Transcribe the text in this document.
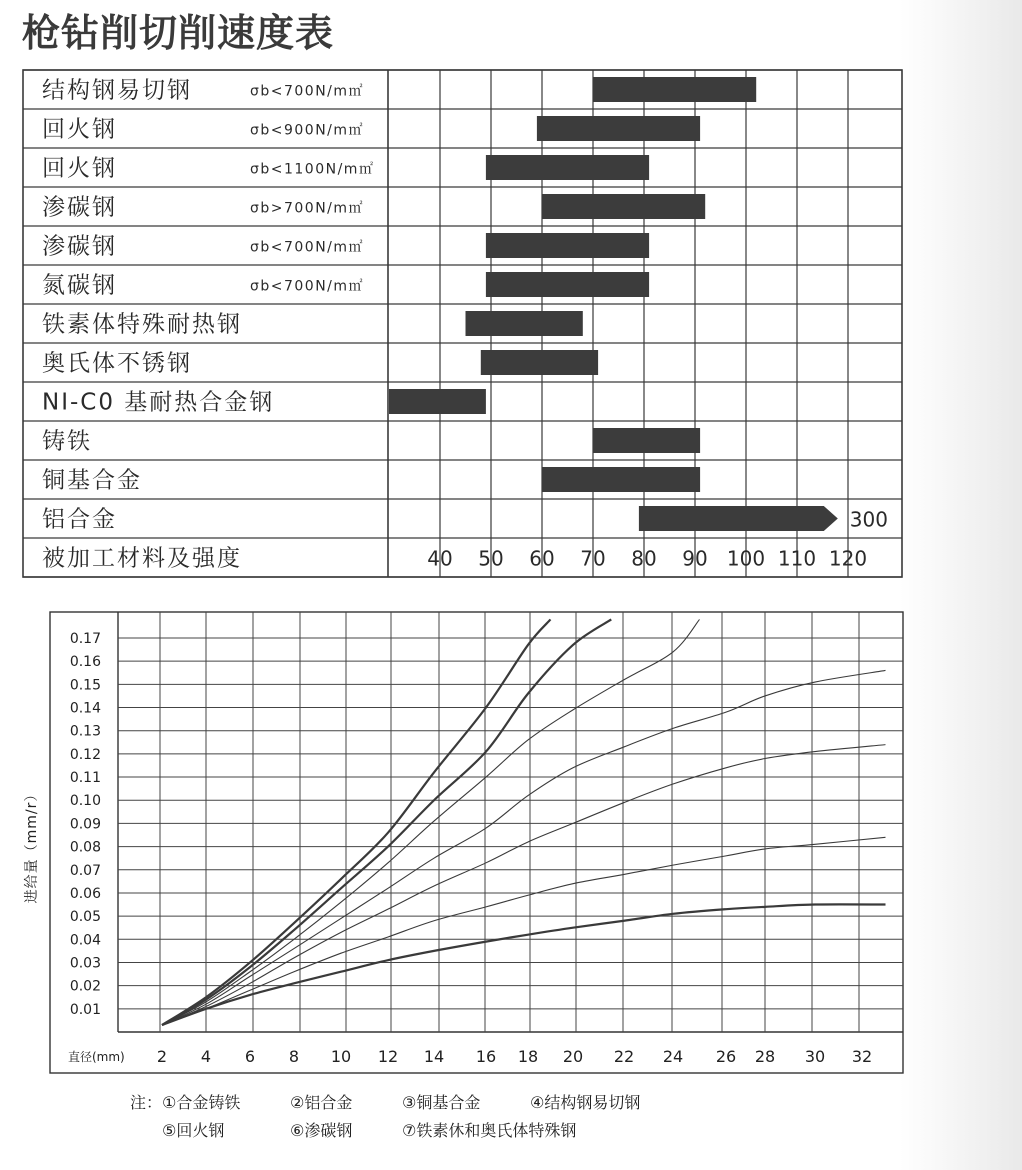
枪钻削切削速度表
结构钢易切钢	σb<700N/m㎡
回火钢	σb<900N/m㎡
回火钢	σb<1100N/m㎡
渗碳钢	σb>700N/m㎡
渗碳钢	σb<700N/m㎡
氮碳钢	σb<700N/m㎡
铁素体特殊耐热钢
奥氏体不锈钢
NI-C0 基耐热合金钢
铸铁
铜基合金
铝合金	300
被加工材料及强度	40 50 60 70 80 90 100 110 120
0.01
0.02
0.03
0.04
0.05
0.06
0.07
0.08
0.09
0.10
0.11
0.12
0.13
0.14
0.15
0.16
0.17
2 4 6 8 10 12 14 16 18 20 22 24 26 28 30 32
直径(mm)
进给量（mm/r）
注： ①合金铸铁	②铝合金	③铜基合金	④结构钢易切钢
⑤回火钢	⑥渗碳钢	⑦铁素休和奥氏体特殊钢
